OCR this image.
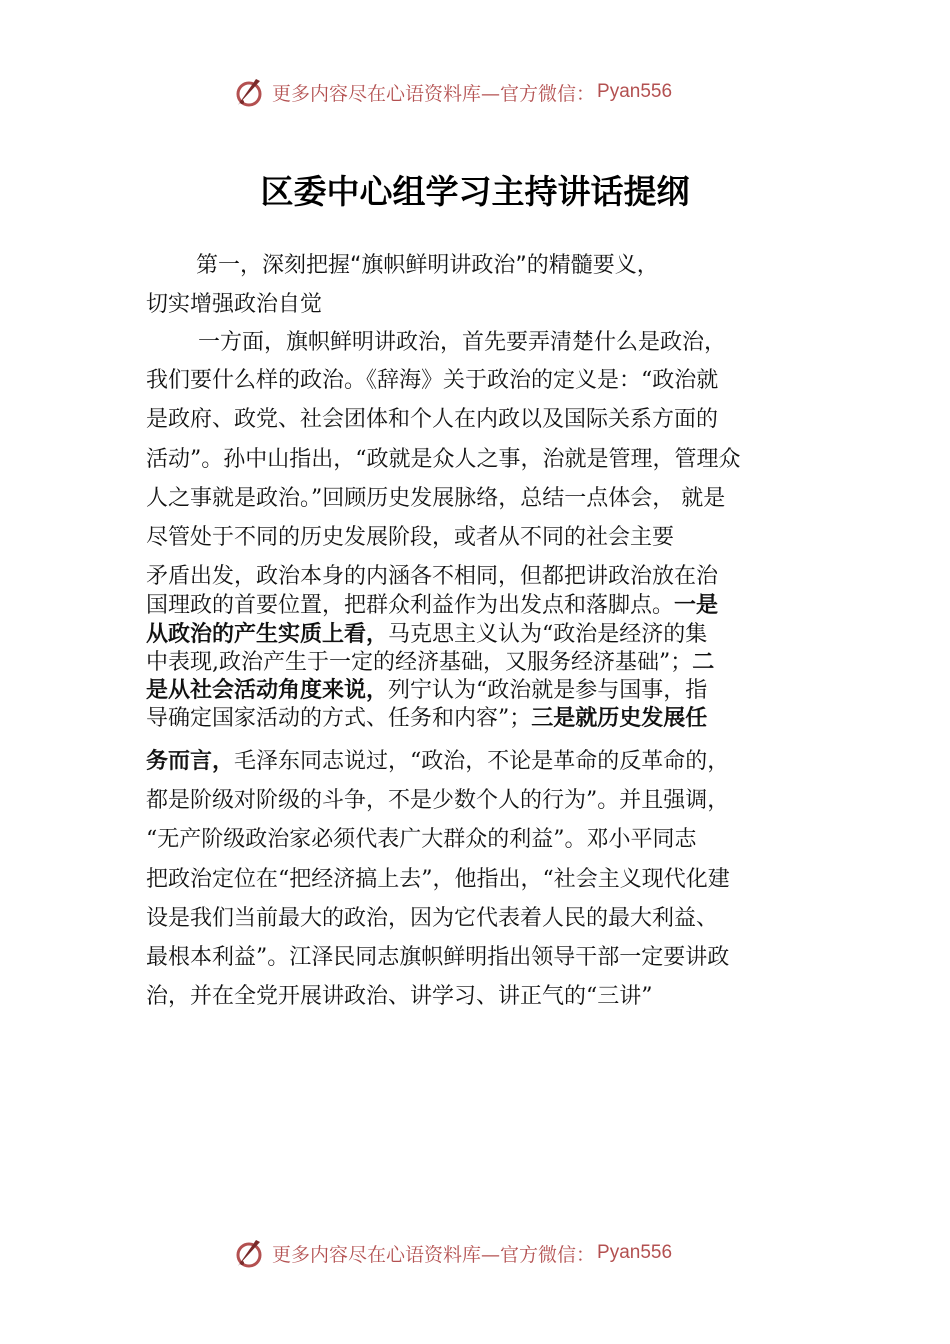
更多内容尽在心语资料库—官方微信： Pyan556
区委中心组学习主持讲话提纲

第一，深刻把握“旗帜鲜明讲政治”的精髓要义，

切实增强政治自觉

一方面，旗帜鲜明讲政治，首先要弄清楚什么是政治，

我们要什么样的政治。《辞海》关于政治的定义是：“政治就

是政府、政党、社会团体和个人在内政以及国际关系方面的

活动”。孙中山指出，“政就是众人之事，治就是管理，管理众

人之事就是政治。”回顾历史发展脉络，总结一点体会， 就是

尽管处于不同的历史发展阶段，或者从不同的社会主要

矛盾出发，政治本身的内涵各不相同，但都把讲政治放在治

国理政的首要位置，把群众利益作为出发点和落脚点。一是

从政治的产生实质上看，马克思主义认为“政治是经济的集

中表现,政治产生于一定的经济基础，又服务经济基础”；二

是从社会活动角度来说，列宁认为“政治就是参与国事，指

导确定国家活动的方式、任务和内容”；三是就历史发展任

务而言，毛泽东同志说过，“政治，不论是革命的反革命的，

都是阶级对阶级的斗争，不是少数个人的行为”。并且强调，

“无产阶级政治家必须代表广大群众的利益”。邓小平同志

把政治定位在“把经济搞上去”，他指出，“社会主义现代化建

设是我们当前最大的政治，因为它代表着人民的最大利益、

最根本利益”。江泽民同志旗帜鲜明指出领导干部一定要讲政

治，并在全党开展讲政治、讲学习、讲正气的“三讲”

更多内容尽在心语资料库—官方微信： Pyan556
